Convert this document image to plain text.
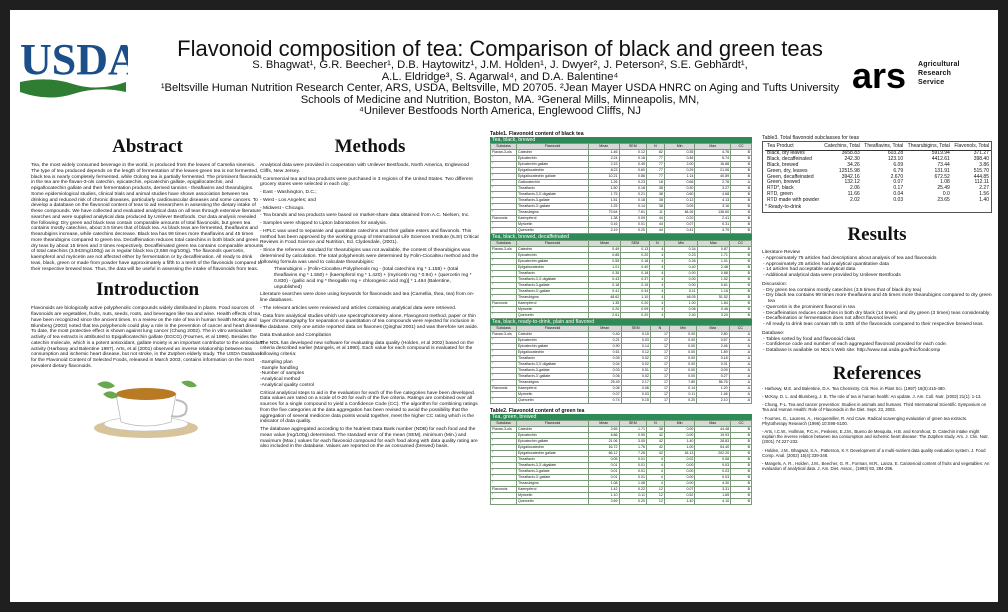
USDA	Flavonoid composition of tea: Comparison of black and green teas
S. Bhagwat¹, G.R. Beecher¹, D.B. Haytowitz¹, J.M. Holden¹, J. Dwyer², J. Peterson², S.E. Gebhardt¹,
A.L. Eldridge³, S. Agarwal⁴, and D.A. Balentine⁴
¹Beltsville Human Nutrition Research Center, ARS, USDA, Beltsville, MD 20705. ²Jean Mayer USDA HNRC on Aging and Tufts University
Schools of Medicine and Nutrition, Boston, MA. ³General Mills, Minneapolis, MN,
⁴Unilever Bestfoods North America, Englewood Cliffs, NJ
ars Agricultural
Research
Service
Abstract
Tea, the most widely consumed beverage in the world, is produced from the leaves of Camelia sinensis. The type of tea produced depends on the length of fermentation of the leaves-green tea is not fermented, black tea is nearly completely fermented, while Oolong tea is partially fermented. The prominent flavonoids in the tea are the flavan-3-ols catechin, epicatechin, epicatechin gallate, epigallocatechin, and epigallocatechin gallate and their fermentation products, derived tannins - theaflavins and thearubigins. Some epidemiological studies, clinical trials and animal studies have shown association between tea drinking and reduced risk of chronic diseases, particularly cardiovascular diseases and some cancers. To develop a database on the flavonoid content of teas to aid researchers in assessing the dietary intake of these compounds. We have collected and evaluated analytical data on all teas through extensive literature searches and were supplied analytical data produced by Unilever Bestfoods. Our data analysis revealed the following: Dry green and black teas contain comparable amounts of total flavonoids, but green tea contains mostly catechins, about 3.5 times that of black tea. As black teas are fermented, theaflavins and thearubigins increase, while catechins decrease. Black tea has 99 times more theaflavins and 45 times more thearubigins compared to green tea. Decaffeination reduces total catechins in both black and green dry teas by about 15 times and 3 times respectively. Decaffeinated green tea contains comparable amounts of total catechins (3,942mg/100g) as in regular black tea (3,658 mg/100g). The flavonols quercetin, kaempferol and myricetin are not affected either by fermentation or by decaffeination. All ready to drink teas, black, green or made from powder have approximately a fifth to a tenth of the flavonoids compared to their respective brewed teas. Thus, the data will be useful in assessing the intake of flavonoids from teas.
Introduction
Flavonoids are biologically active polyphenolic compounds widely distributed in plants. Food sources of flavonoids are vegetables, fruits, nuts, seeds, roots, and beverages like tea and wine. Health effects of tea have been recognized since the ancient times. In a review on the role of tea in human health McKay and Blumberg (2002) noted that tea polyphenols could play a role in the prevention of cancer and heart disease. To date, the most protective effect is shown against lung cancer (Chung 2002). The in vitro antioxidant activity of tea extracts is attributed to Epigallocatechin gallate (EGCG) (Fournes, et al 1996). Besides the catechin molecule, which is a potent antioxidant, gallate moiety is an important contributor to the antioxidant activity (Harbowy and Balentine 1997). Arts, et al (2001) observed an inverse relationship between tea consumption and ischemic heart disease, but not stroke, in the Zutphen elderly study. The USDA Database for the Flavonoid Content of Selected Foods, released in March 2003, contains information on the most prevalent dietary flavonoids.
Methods

Analytical data were provided in cooperation with Unilever Bestfoods, North America, Englewood Cliffs, New Jersey.

- Commercial tea and tea products were purchased in 3 regions of the United States. Two different grocery stores were selected in each city:

- East - Washington, D.C.;

- West - Los Angeles; and

- Midwest - Chicago.

- Tea brands and tea products were based on market-share data obtained from A.C. Nielsen, Inc.

- Samples were shipped to Lipton laboratories for analysis.

- HPLC was used to separate and quantitate catechins and their gallate esters and flavonols. This method has been approved by the working group of International Life Sciences Institute (ILSI) Critical Reviews in Food Science and Nutrition, Ed. Clydesdale, (2001).

- Since the reference standard for thearubigins was not available, the content of thearubigins was determined by calculation. The total polyphenols were determined by Folin-Ciocalteu method and the following formula was used to calculate thearubigins:

Thearubigins = [Folin-Ciocalteu Polyphenols mg - (total catechins mg * 1.158) + (total theaflavins mg * 1.550) + (kaempferol mg * 1.420) + (myricetin mg * 0.94) + (quercetin mg * 0.830) - (gallic acid mg * theogallin mg + chlorogenic acid mg)] * 1.464 (Balentine, unpublished)

Literature searches were done using keywords for flavonoids and tea (Camellia, thea, tea) from on-line databases.

- The relevant articles were reviewed and articles containing analytical data were retrieved.

- Data from analytical studies which use spectrophotometry alone, Flavognost method, paper or thin layer chromatography for separation or quantitation of tea compounds were rejected for inclusion in the database. Only one article reported data on flavones (Qinghai 2001) and was therefore set aside.

Data Evaluation and Compilation

The NDL has developed new software for evaluating data quality (Holden, et al 2002) based on the criteria described earlier (Mangels, et al 1990). Each value for each compound is evaluated for the following criteria:

-Sampling plan
-Sample handling
-Number of samples
-Analytical method
-Analytical quality control

Critical analytical steps to aid in the evaluation for each of the five categories have been developed. Data values are rated on a scale of 0-20 for each of the five criteria. Ratings are combined over all sources for a single compound to yield a Confidence Code (CC). The algorithm for combining ratings from the five categories at the data aggregation has been revised to avoid the possibility that the aggregation of several mediocre data points would together, meet the higher CC rating which is the indicator of data quality.

The database aggregated according to the Nutrient Data Bank number (NDB) for each food and the mean value (mg/100g) determined. The standard error of the mean (SEM), minimum (Min.) and maximum (Max.) values for each flavonoid compound for each food along with data quality rating are also included in the database. Values are reported on the as consumed (brewed) basis.

Table1. Flavonoid content of black tea
Tea, black, brewed
Subclass	Flavonoid	Mean	SEM	N	Min	Max	CC
Flavan-3-ols	Catechin	1.46	0.12	82	0.35	4.76	B
"	Epicatechin	2.24	0.16	77	0.46	6.74	B
"	Epicatechin gallate	2.15	0.45	77	2.00	16.88	B
"	Epigallocatechin	8.23	0.60	77	0.29	21.06	B
"	Epigallocatechin gallate	10.21	0.86	77	1.14	40.89	B
"	Gallocatechin	1.26	0.23	18	0.66	2.76	A
"	Theaflavin	1.50	0.18	38	0.30	3.27	B
"	Theaflavin-3,3'-digallate	1.75	0.21	38	0.60	4.68	B
"	Theaflavin-3-gallate	1.51	0.18	38	0.12	4.13	B
"	Theaflavin-3'-gallate	1.25	0.14	38	0.09	3.16	B
"	Thearubigins	73.64	7.61	11	48.26	136.60	B
Flavonols	Kaempferol	1.38	0.09	44	0.20	2.41	B
"	Myricetin	0.16	0.01	44	0.07	0.31	B
"	Quercetin	2.19	0.20	44	0.41	4.79	B
Tea, black, brewed, decaffeinated
Subclass	Flavonoid	Mean	SEM	N	Min	Max	CC
Flavan-3-ols	Catechin	0.49	0.13	4	0.34	0.87	B
"	Epicatechin	0.85	0.20	4	0.23	1.71	B
"	Epicatechin gallate	0.55	0.18	4	0.26	1.01	B
"	Epigallocatechin	1.01	0.40	4	0.40	2.48	B
"	Theaflavin	0.35	0.18	4	0.00	0.88	B
"	Theaflavin-3,3'-digallate	0.43	0.37	4	0.00	1.52	B
"	Theaflavin-3-gallate	0.18	0.15	4	0.00	0.61	B
"	Theaflavin-3'-gallate	0.41	0.34	4	0.11	1.16	B
"	Thearubigins	48.62	1.10	4	46.05	51.52	B
Flavonols	Kaempferol	1.35	0.20	4	1.00	1.84	B
"	Myricetin	0.20	0.09	4	0.06	0.46	B
"	Quercetin	2.61	0.20	4	2.40	3.20	B
Tea, black, ready-to-drink, plain and flavored
Subclass	Flavonoid	Mean	SEM	N	Min	Max	CC
Flavan-3-ols	Catechin	0.40	0.15	17	0.00	2.80	A
"	Epicatechin	0.21	0.03	17	0.00	0.57	A
"	Epicatechin gallate	0.90	0.14	17	0.00	2.46	A
"	Epigallocatechin	0.61	0.12	17	0.00	1.89	A
"	Theaflavin	0.05	0.02	17	0.00	0.18	A
"	Theaflavin-3,3'-digallate	0.04	0.02	17	0.00	0.31	A
"	Theaflavin-3-gallate	0.03	0.01	17	0.00	0.09	A
"	Theaflavin-3'-gallate	0.06	0.02	17	0.00	0.27	A
"	Thearubigins	25.49	2.17	17	7.80	56.76	A
Flavonols	Kaempferol	0.06	0.06	17	0.14	1.20	A
"	Myricetin	0.07	0.03	17	0.11	1.46	A
"	Quercetin	0.74	0.15	17	0.20	2.10	A
Table2. Flavonoid content of green tea
Tea, green, brewed
Subclass	Flavonoid	Mean	SEM	N	Min	Max	CC
Flavan-3-ols	Catechin	2.65	1.71	38	0.00	44.48	B
"	Epicatechin	6.86	0.90	42	0.00	19.93	B
"	Epicatechin gallate	21.06	3.05	42	1.40	28.83	B
"	Epigallocatechin	16.72	1.76	42	1.00	54.40	B
"	Epigallocatechin gallate	66.12	7.26	42	18.13	202.20	B
"	Theaflavin	0.05	0.01	4	0.02	0.08	B
"	Theaflavin-3,3'-digallate	0.01	0.01	4	0.00	0.03	B
"	Theaflavin-3-gallate	0.01	0.01	4	0.00	0.03	B
"	Theaflavin-3'-gallate	0.01	0.01	4	0.00	0.03	B
"	Thearubigins	1.08	1.08	4	0.00	4.30	B
Flavonols	Kaempferol	1.42	0.22	12	0.07	3.31	B
"	Myricetin	1.10	0.11	12	0.52	1.65	B
"	Quercetin	2.69	0.20	12	1.40	4.10	B
Table3. Total flavonoid subclasses for teas
Tea Product	Catechins, Total	Theaflavins, Total	Thearubigins, Total	Flavonols, Total
Black, dry leaves	3658.83	603.28	5919.94	371.27
Black, decaffeinated	242.30	123.10	4412.61	398.40
Black, brewed	34.26	6.09	73.44	3.86
Green, dry, leaves	12515.98	6.79	131.91	515.70
Green, decaffeinated	3942.16	2.670	672.52	444.85
Green, brewed	132.12	0.07	1.08	112.11
RTD*, black	2.06	0.17	25.49	2.27
RTD, green	11.66	0.04	0.0	1.56
RTD made with powder	2.02	0.03	23.65	1.40
* Ready-to-drink
Results
Literature Review
- Approximately 75 articles had descriptions about analysis of tea and flavonoids
- Approximately 25 articles had analytical quantitative data
- 14 articles had acceptable analytical data
- Additional analytical data were provided by Unilever Bestfoods
Discussion:
- Dry green tea contains mostly catechins (3.5 times that of black dry tea)
- Dry black tea contains 99 times more theaflavins and 45 times more thearubigins compared to dry green tea
- Quercetin is the prominent flavonol in tea
- Decaffeination reduces catechins in both dry black (14 times) and dry green (3 times) teas considerably
- Decaffeination or fermentation does not affect flavonol levels
- All ready to drink teas contain 5th to 10th of the flavonoids compared to their respective brewed teas.
Database:
- Tables sorted by food and flavonoid class
- Confidence code and number of each aggregated flavonoid provided for each code.
- Database is available on NDL's Web site: http://www.nal.usda.gov/fnic/foodcomp
References

- Harbowy, M.E. and Balentine, D.A. Tea Chemistry. Crit. Rev. in Plant Sci. (1997) 16(5):415-480.

- McKay, D. L. and Blumberg, J. B. The role of tea in human health: An update. J. Am. Coll. Nutr. (2002) 21(1): 1-13.

- Chung, F-L. Tea and cancer prevention: Studies in animals and humans. Third International Scientific Symposium on Tea and Human Health: Role of Flavonoids in the Diet. Sept. 23, 2002.

- Fournes, G., Laurens, A., Hocquemiller, R. And Cave. Radical scavenging evaluation of green tea extracts. Phytotherapy Research (1996) 10:S98-S100.

- Arts, I.C.W., Hollman, P.C.H., Feskens, E.J.M., Bueno de Mesquita, H.B. and Kromhout, D. Catechin intake might explain the inverse relation between tea consumption and ischemic heart disease: The Zutphen study. Am. J. Clin. Nutr. (2001) 74:227-232.

- Holden, J.M., Bhagwat, S.A., Patterson, K.Y. Development of a multi-nutrient data quality evaluation system. J. Food Comp. Anal. (2002) 15(4):339-348.

- Mangels, A. R., Holden, J.M., Beecher, G. R., Forman, M.R., Lanza, E. Carotenoid content of fruits and vegetables: An evaluation of analytical data. J. Am. Diet. Assoc., (1993) 93, 284-296.
